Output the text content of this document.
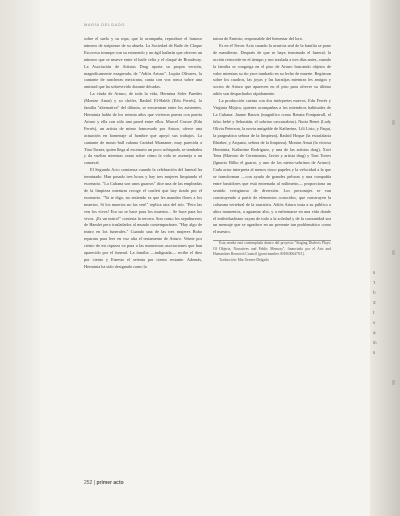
MARÍA DELGADO

sobre el suelo y su ropa, que lo acompaña, reproduce el famoso número de striptease de su abuela. La Sociedad de Baile de Claque Escocesa irrumpe con su estruendo y un ágil bailarín que ofrecen un número que se mueve entre el baile celta y el claqué de Broadway. La Asociación de Artistas Drag aporta su propia versión, magnificamente exagerada, de "Adiós Arturo". Lupita Olivares, la cantante de rancheras mexicana, canta con voz ronca sobre una amistad que ha sobrevivido durante décadas.

La viuda de Arturo, de toda la vida, Hermina Soler Paredes (Montse Amat) y su chófer, Rashid El-Habib (Edu Ferrés), la familia "alternativa" del difunto, se encuentran entre los asistentes. Herminia habla de los setenta años que vivieron puerta con puerta Arturo y ella con sólo una pared entre ellos. Marcel Crusoe (Edu Ferrés), un artista de mimo francesado por Arturo, ofrece una actuación en homenaje al hombre que apoyó sus trabajos. La cantante de music-hall cubana Caridad Montaner, muy parecida a Tina Turner, quien llega al escenario un poco achispada, se tambalea y da vueltas mientras canta sobre cómo la vida se asemeja a un carnaval.

El Segundo Acto comienza cuando la celebración del funeral ha terminado. Han pasado tres horas y hay tres mujeres limpiando el escenario. "La Cubana son unos guarros" dice una de las empleadas de la limpieza mientras recoge el confeti que hay tirado por el escenario. "Ya te digo, no entiendo es que les manden flores a los muertos. Si los muertos no las ven!" replica otra del trío. "Pero las ven los vivos! Eso no se hace para los muertos... Se hace para los vivos. ¡Es un teatro!" contesta la tercera. Son como los sepultureros de Hamlet pero trasladados al mundo contemporáneo. "Hay algo de teatro en los funerales." Cuando una de las tres mujeres Bubo reparara para leer en voz alta el testamento de Arturo. Veinte por ciento de mi riqueza va para a las numerosas asociaciones que han aparecido por el funeral. La familia —indignada— recibe el diez por ciento y Ernesto el setenta por ciento restante. Además, Herminia ha sido designada como la

tutora de Ernesto, responsable del bienestar del loro.

Es en el Tercer Acto cuando la avaricia real de la familia se pone de manifiesto. Después de que se haya terminado el funeral, la acción retrocede en el tiempo y nos traslada a tres días antes, cuando la familia se congrega en el piso de Arturo buscando objetos de valor mientras su tío yace tumbado en su lecho de muerte. Registran sobre los cuadros, las joyas y las baratijas mientras les amigos y socios de Arturo que aparecen en el piso para ofrecer su último adiós son despachados rápidamente.

La producción cuenta con dos intérpretes nuevos, Edu Ferrés y Virginia Mújica, quienes acompañan a los miembros habituales de La Cubana: Jaume Baucis (magnífico como Renata Fontpatrull, el falso bebé y Sebastián, el sobrino cascarrabias), Nuria Benet (Lady Olivia Peterson, la novia amigable de Katherine, Lili Lirio, y Paqui, la pragmática señora de la limpieza), Rashid Hoque (la estrafalaria Rhiaber, y Arquato, señora de la limpieza), Montse Amat (la viciosa Herminia, Katherine Rodriguez, y una de las artistas drag), Xavi Tena (Maestro de Ceremonias, Javier y artista drag) y Toni Torres (Ignacio Bilbo el guarro, y uno de los nietos-sobrinos de Arturo). Cada actor interpreta al menos cinco papeles y la velocidad a la que se transforman —con ayuda de grandes pelucas y una compañía entre bastidores que está entrenada al milímetro— proporciona un sentido vertiginoso de diversión. Los personajes se van construyendo a partir de elementos conocidos, que construyen la columna vertebral de la narrativa. Adiós Arturo trata a su público a altos momentos, a aguantar alto, y a enfrentarse en una vida donde el individualismo vayan de todo a la soledad y de la comunidad sea un mensaje que se agradece en un presente tan problemático como el nuestro.

Esta reseña está contemplada dentro del proyecto "Staging Dialects Plays: Of Objects, Narratives and Public Memory", financiado por el Arts and Humanities Research Council (grant number AH/K006479/1).

Traducción: Mar Orenes-Delgado

252 | primer acto
s
't
h
3
t
v
a
in
s
